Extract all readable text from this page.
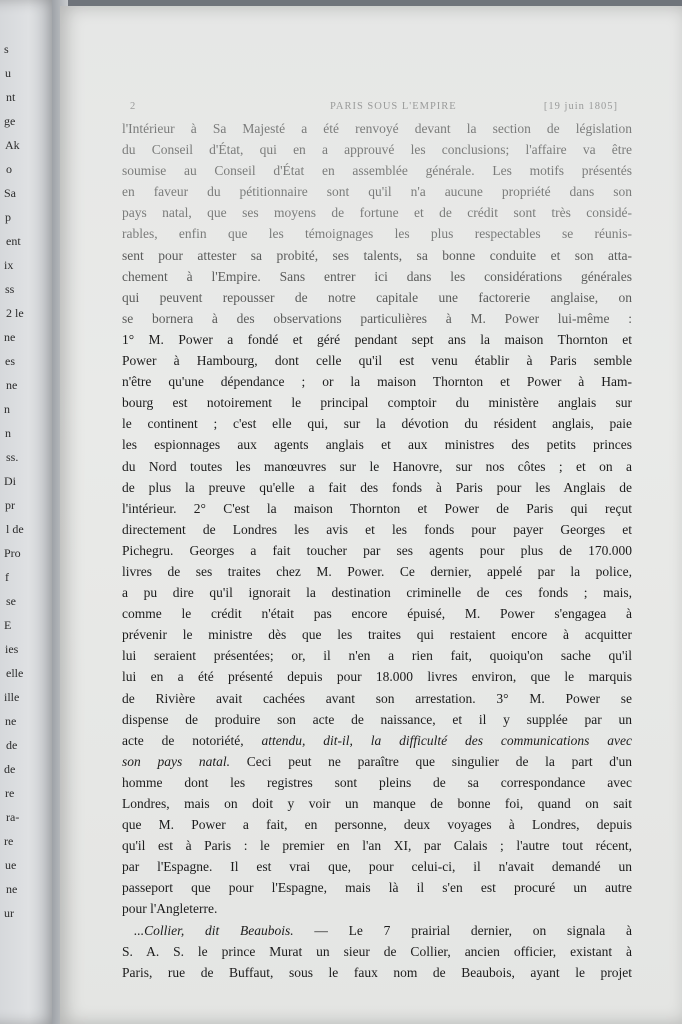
s
u
nt
ge
Ak
o
Sa
p
ent
ix
ss
2 le
ne
es
ne
n
n
ss.
Di
pr
l de
Pro
f
se
E
ies
elle
ille
ne
de
de
re
ra-
re
ue
ne
ur
2	PARIS SOUS L'EMPIRE	[19 juin 1805]
l'Intérieur à Sa Majesté a été renvoyé devant la section de législation
du Conseil d'État, qui en a approuvé les conclusions; l'affaire va être
soumise au Conseil d'État en assemblée générale. Les motifs présentés
en faveur du pétitionnaire sont qu'il n'a aucune propriété dans son
pays natal, que ses moyens de fortune et de crédit sont très considé-
rables, enfin que les témoignages les plus respectables se réunis-
sent pour attester sa probité, ses talents, sa bonne conduite et son atta-
chement à l'Empire. Sans entrer ici dans les considérations générales
qui peuvent repousser de notre capitale une factorerie anglaise, on
se bornera à des observations particulières à M. Power lui-même :
1° M. Power a fondé et géré pendant sept ans la maison Thornton et
Power à Hambourg, dont celle qu'il est venu établir à Paris semble
n'être qu'une dépendance ; or la maison Thornton et Power à Ham-
bourg est notoirement le principal comptoir du ministère anglais sur
le continent ; c'est elle qui, sur la dévotion du résident anglais, paie
les espionnages aux agents anglais et aux ministres des petits princes
du Nord toutes les manœuvres sur le Hanovre, sur nos côtes ; et on a
de plus la preuve qu'elle a fait des fonds à Paris pour les Anglais de
l'intérieur. 2° C'est la maison Thornton et Power de Paris qui reçut
directement de Londres les avis et les fonds pour payer Georges et
Pichegru. Georges a fait toucher par ses agents pour plus de 170.000
livres de ses traites chez M. Power. Ce dernier, appelé par la police,
a pu dire qu'il ignorait la destination criminelle de ces fonds ; mais,
comme le crédit n'était pas encore épuisé, M. Power s'engagea à
prévenir le ministre dès que les traites qui restaient encore à acquitter
lui seraient présentées; or, il n'en a rien fait, quoiqu'on sache qu'il
lui en a été présenté depuis pour 18.000 livres environ, que le marquis
de Rivière avait cachées avant son arrestation. 3° M. Power se
dispense de produire son acte de naissance, et il y supplée par un
acte de notoriété, attendu, dit-il, la difficulté des communications avec
son pays natal. Ceci peut ne paraître que singulier de la part d'un
homme dont les registres sont pleins de sa correspondance avec
Londres, mais on doit y voir un manque de bonne foi, quand on sait
que M. Power a fait, en personne, deux voyages à Londres, depuis
qu'il est à Paris : le premier en l'an XI, par Calais ; l'autre tout récent,
par l'Espagne. Il est vrai que, pour celui-ci, il n'avait demandé un
passeport que pour l'Espagne, mais là il s'en est procuré un autre
pour l'Angleterre.
...Collier, dit Beaubois. — Le 7 prairial dernier, on signala à
S. A. S. le prince Murat un sieur de Collier, ancien officier, existant à
Paris, rue de Buffaut, sous le faux nom de Beaubois, ayant le projet
